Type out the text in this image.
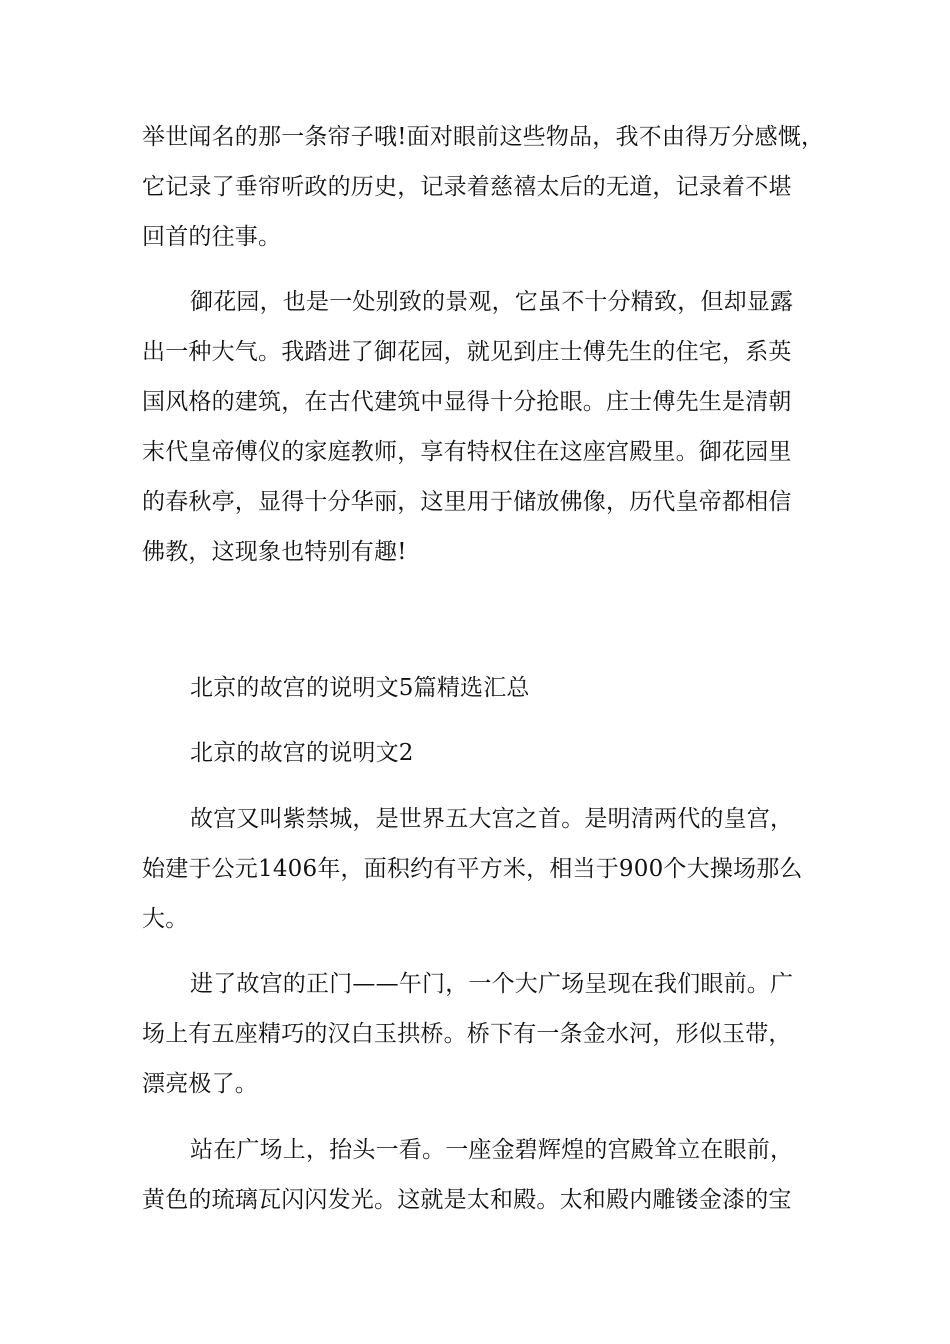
举世闻名的那一条帘子哦!面对眼前这些物品，我不由得万分感慨，
它记录了垂帘听政的历史，记录着慈禧太后的无道，记录着不堪
回首的往事。
御花园，也是一处别致的景观，它虽不十分精致，但却显露
出一种大气。我踏进了御花园，就见到庄士傅先生的住宅，系英
国风格的建筑，在古代建筑中显得十分抢眼。庄士傅先生是清朝
末代皇帝傅仪的家庭教师，享有特权住在这座宫殿里。御花园里
的春秋亭，显得十分华丽，这里用于储放佛像，历代皇帝都相信
佛教，这现象也特别有趣!
北京的故宫的说明文5篇精选汇总
北京的故宫的说明文2
故宫又叫紫禁城，是世界五大宫之首。是明清两代的皇宫，
始建于公元1406年，面积约有平方米，相当于900个大操场那么
大。
进了故宫的正门——午门，一个大广场呈现在我们眼前。广
场上有五座精巧的汉白玉拱桥。桥下有一条金水河，形似玉带，
漂亮极了。
站在广场上，抬头一看。一座金碧辉煌的宫殿耸立在眼前，
黄色的琉璃瓦闪闪发光。这就是太和殿。太和殿内雕镂金漆的宝
